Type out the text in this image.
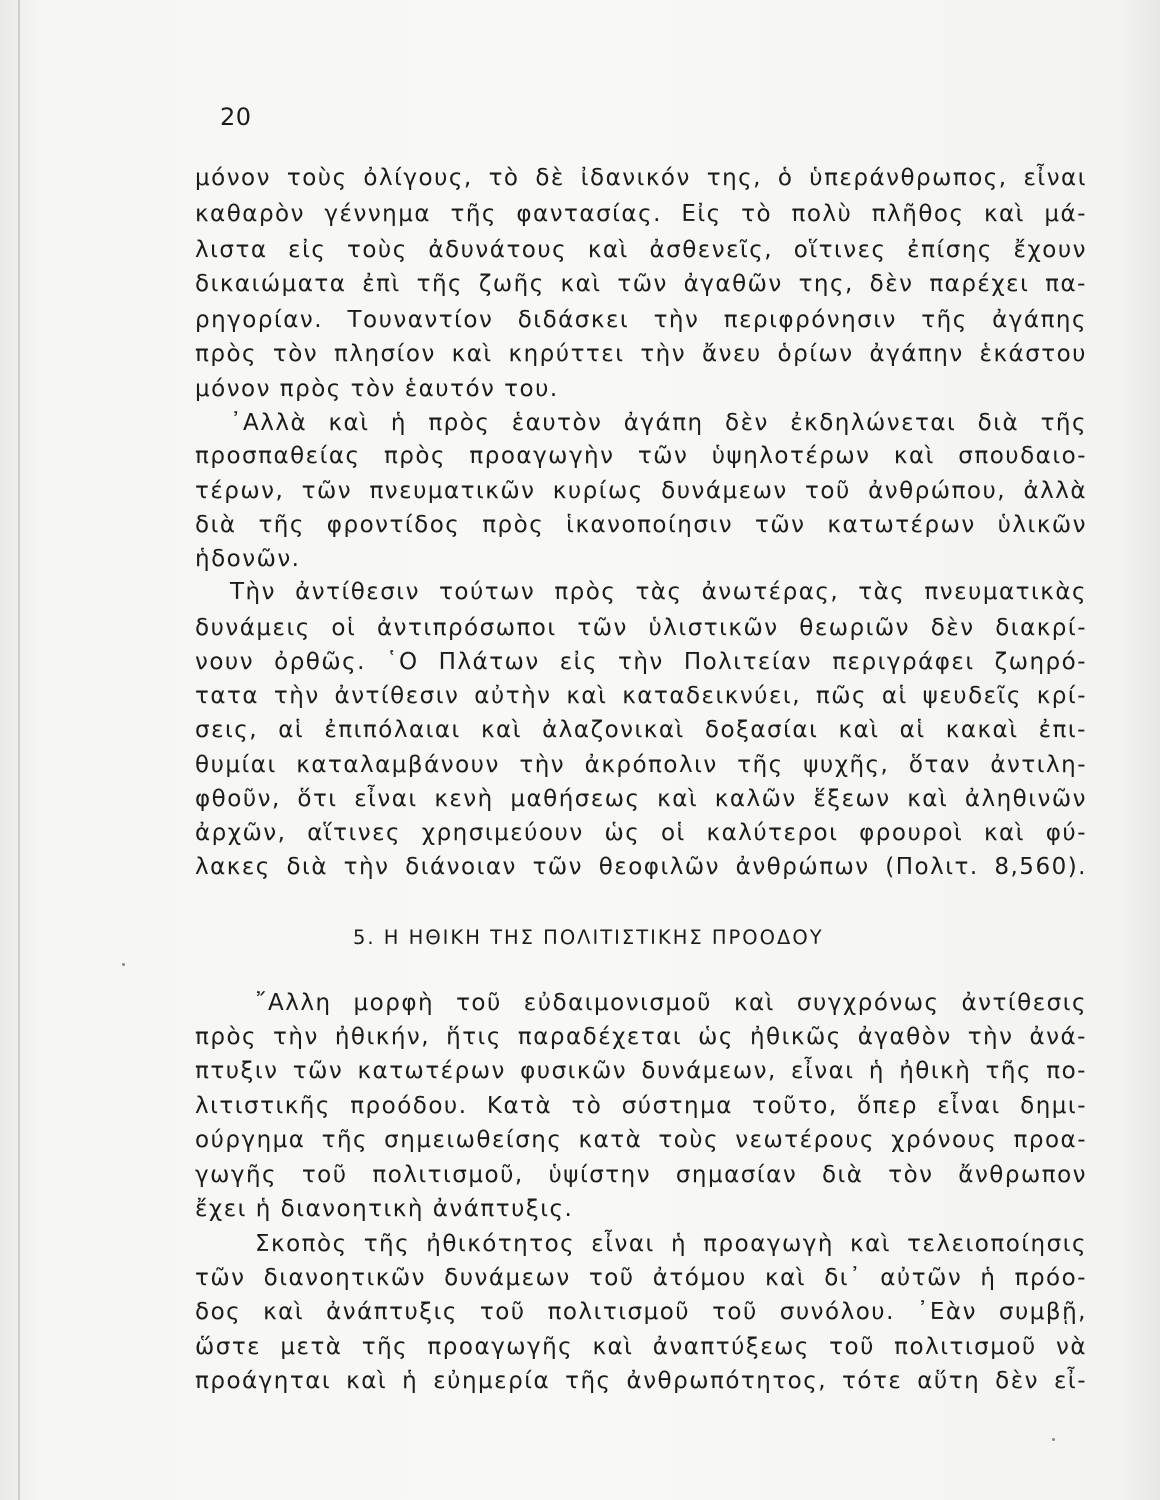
20
μόνον τοὺς ὀλίγους, τὸ δὲ ἰδανικόν της, ὁ ὑπεράνθρωπος, εἶναι
καθαρὸν γέννημα τῆς φαντασίας. Εἰς τὸ πολὺ πλῆθος καὶ μά-
λιστα εἰς τοὺς ἀδυνάτους καὶ ἀσθενεῖς, οἵτινες ἐπίσης ἔχουν
δικαιώματα ἐπὶ τῆς ζωῆς καὶ τῶν ἀγαθῶν της, δὲν παρέχει πα-
ρηγορίαν. Τουναντίον διδάσκει τὴν περιφρόνησιν τῆς ἀγάπης
πρὸς τὸν πλησίον καὶ κηρύττει τὴν ἄνευ ὁρίων ἀγάπην ἑκάστου
μόνον πρὸς τὸν ἑαυτόν του.
᾿Αλλὰ καὶ ἡ πρὸς ἑαυτὸν ἀγάπη δὲν ἐκδηλώνεται διὰ τῆς
προσπαθείας πρὸς προαγωγὴν τῶν ὑψηλοτέρων καὶ σπουδαιο-
τέρων, τῶν πνευματικῶν κυρίως δυνάμεων τοῦ ἀνθρώπου, ἀλλὰ
διὰ τῆς φροντίδος πρὸς ἱκανοποίησιν τῶν κατωτέρων ὑλικῶν
ἡδονῶν.
Τὴν ἀντίθεσιν τούτων πρὸς τὰς ἀνωτέρας, τὰς πνευματικὰς
δυνάμεις οἱ ἀντιπρόσωποι τῶν ὑλιστικῶν θεωριῶν δὲν διακρί-
νουν ὀρθῶς. ῾Ο Πλάτων εἰς τὴν Πολιτείαν περιγράφει ζωηρό-
τατα τὴν ἀντίθεσιν αὐτὴν καὶ καταδεικνύει, πῶς αἱ ψευδεῖς κρί-
σεις, αἱ ἐπιπόλαιαι καὶ ἀλαζονικαὶ δοξασίαι καὶ αἱ κακαὶ ἐπι-
θυμίαι καταλαμβάνουν τὴν ἀκρόπολιν τῆς ψυχῆς, ὅταν ἀντιλη-
φθοῦν, ὅτι εἶναι κενὴ μαθήσεως καὶ καλῶν ἕξεων καὶ ἀληθινῶν
ἀρχῶν, αἵτινες χρησιμεύουν ὡς οἱ καλύτεροι φρουροὶ καὶ φύ-
λακες διὰ τὴν διάνοιαν τῶν θεοφιλῶν ἀνθρώπων (Πολιτ. 8,560).
5. Η ΗΘΙΚΗ ΤΗΣ ΠΟΛΙΤΙΣΤΙΚΗΣ ΠΡΟΟΔΟΥ
῎Αλλη μορφὴ τοῦ εὐδαιμονισμοῦ καὶ συγχρόνως ἀντίθεσις
πρὸς τὴν ἠθικήν, ἥτις παραδέχεται ὡς ἠθικῶς ἀγαθὸν τὴν ἀνά-
πτυξιν τῶν κατωτέρων φυσικῶν δυνάμεων, εἶναι ἡ ἠθικὴ τῆς πο-
λιτιστικῆς προόδου. Κατὰ τὸ σύστημα τοῦτο, ὅπερ εἶναι δημι-
ούργημα τῆς σημειωθείσης κατὰ τοὺς νεωτέρους χρόνους προα-
γωγῆς τοῦ πολιτισμοῦ, ὑψίστην σημασίαν διὰ τὸν ἄνθρωπον
ἔχει ἡ διανοητικὴ ἀνάπτυξις.
Σκοπὸς τῆς ἠθικότητος εἶναι ἡ προαγωγὴ καὶ τελειοποίησις
τῶν διανοητικῶν δυνάμεων τοῦ ἀτόμου καὶ δι᾿ αὐτῶν ἡ πρόο-
δος καὶ ἀνάπτυξις τοῦ πολιτισμοῦ τοῦ συνόλου. ᾿Εὰν συμβῇ,
ὥστε μετὰ τῆς προαγωγῆς καὶ ἀναπτύξεως τοῦ πολιτισμοῦ νὰ
προάγηται καὶ ἡ εὐημερία τῆς ἀνθρωπότητος, τότε αὕτη δὲν εἶ-
